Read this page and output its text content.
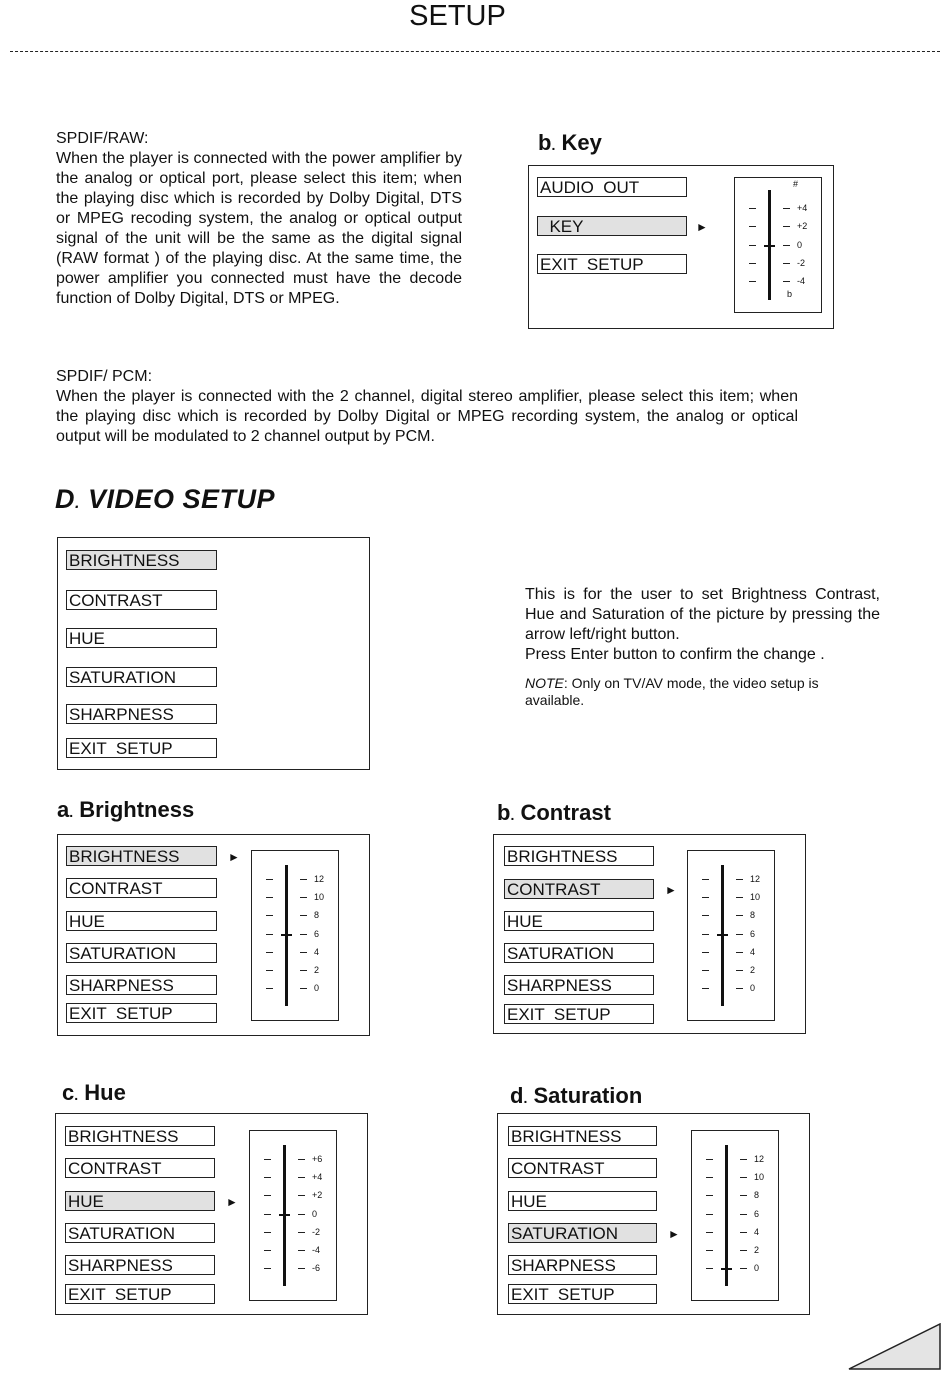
SETUP

SPDIF/RAW:

When the player is connected with the power amplifier by the analog or optical port, please select this item; when the playing disc which is recorded by Dolby Digital, DTS or MPEG recoding system, the analog or optical output signal of the unit will be the same as the digital signal (RAW format ) of the playing disc. At the same time, the power amplifier you connected must have the decode function of Dolby Digital, DTS or MPEG.

b. Key
AUDIO  OUT
KEY
EXIT  SETUP
►
+4
+2
0
-2
-4
#
b

SPDIF/ PCM:

When the player is connected with the 2 channel, digital stereo amplifier, please select this item; when the playing disc which is recorded by Dolby Digital or MPEG recording system, the analog or optical output will be modulated to 2 channel output by PCM.

D. VIDEO SETUP
BRIGHTNESS
CONTRAST
HUE
SATURATION
SHARPNESS
EXIT  SETUP

This is for the user to set Brightness Contrast, Hue and Saturation of the picture by pressing the arrow left/right button.

Press Enter button to confirm the change .

NOTE: Only on TV/AV mode, the video setup is available.

a. Brightness
BRIGHTNESS
CONTRAST
HUE
SATURATION
SHARPNESS
EXIT  SETUP
►
12
10
8
6
4
2
0
b. Contrast
BRIGHTNESS
CONTRAST
HUE
SATURATION
SHARPNESS
EXIT  SETUP
►
12
10
8
6
4
2
0
c. Hue
BRIGHTNESS
CONTRAST
HUE
SATURATION
SHARPNESS
EXIT  SETUP
►
+6
+4
+2
0
-2
-4
-6
d. Saturation
BRIGHTNESS
CONTRAST
HUE
SATURATION
SHARPNESS
EXIT  SETUP
►
12
10
8
6
4
2
0
